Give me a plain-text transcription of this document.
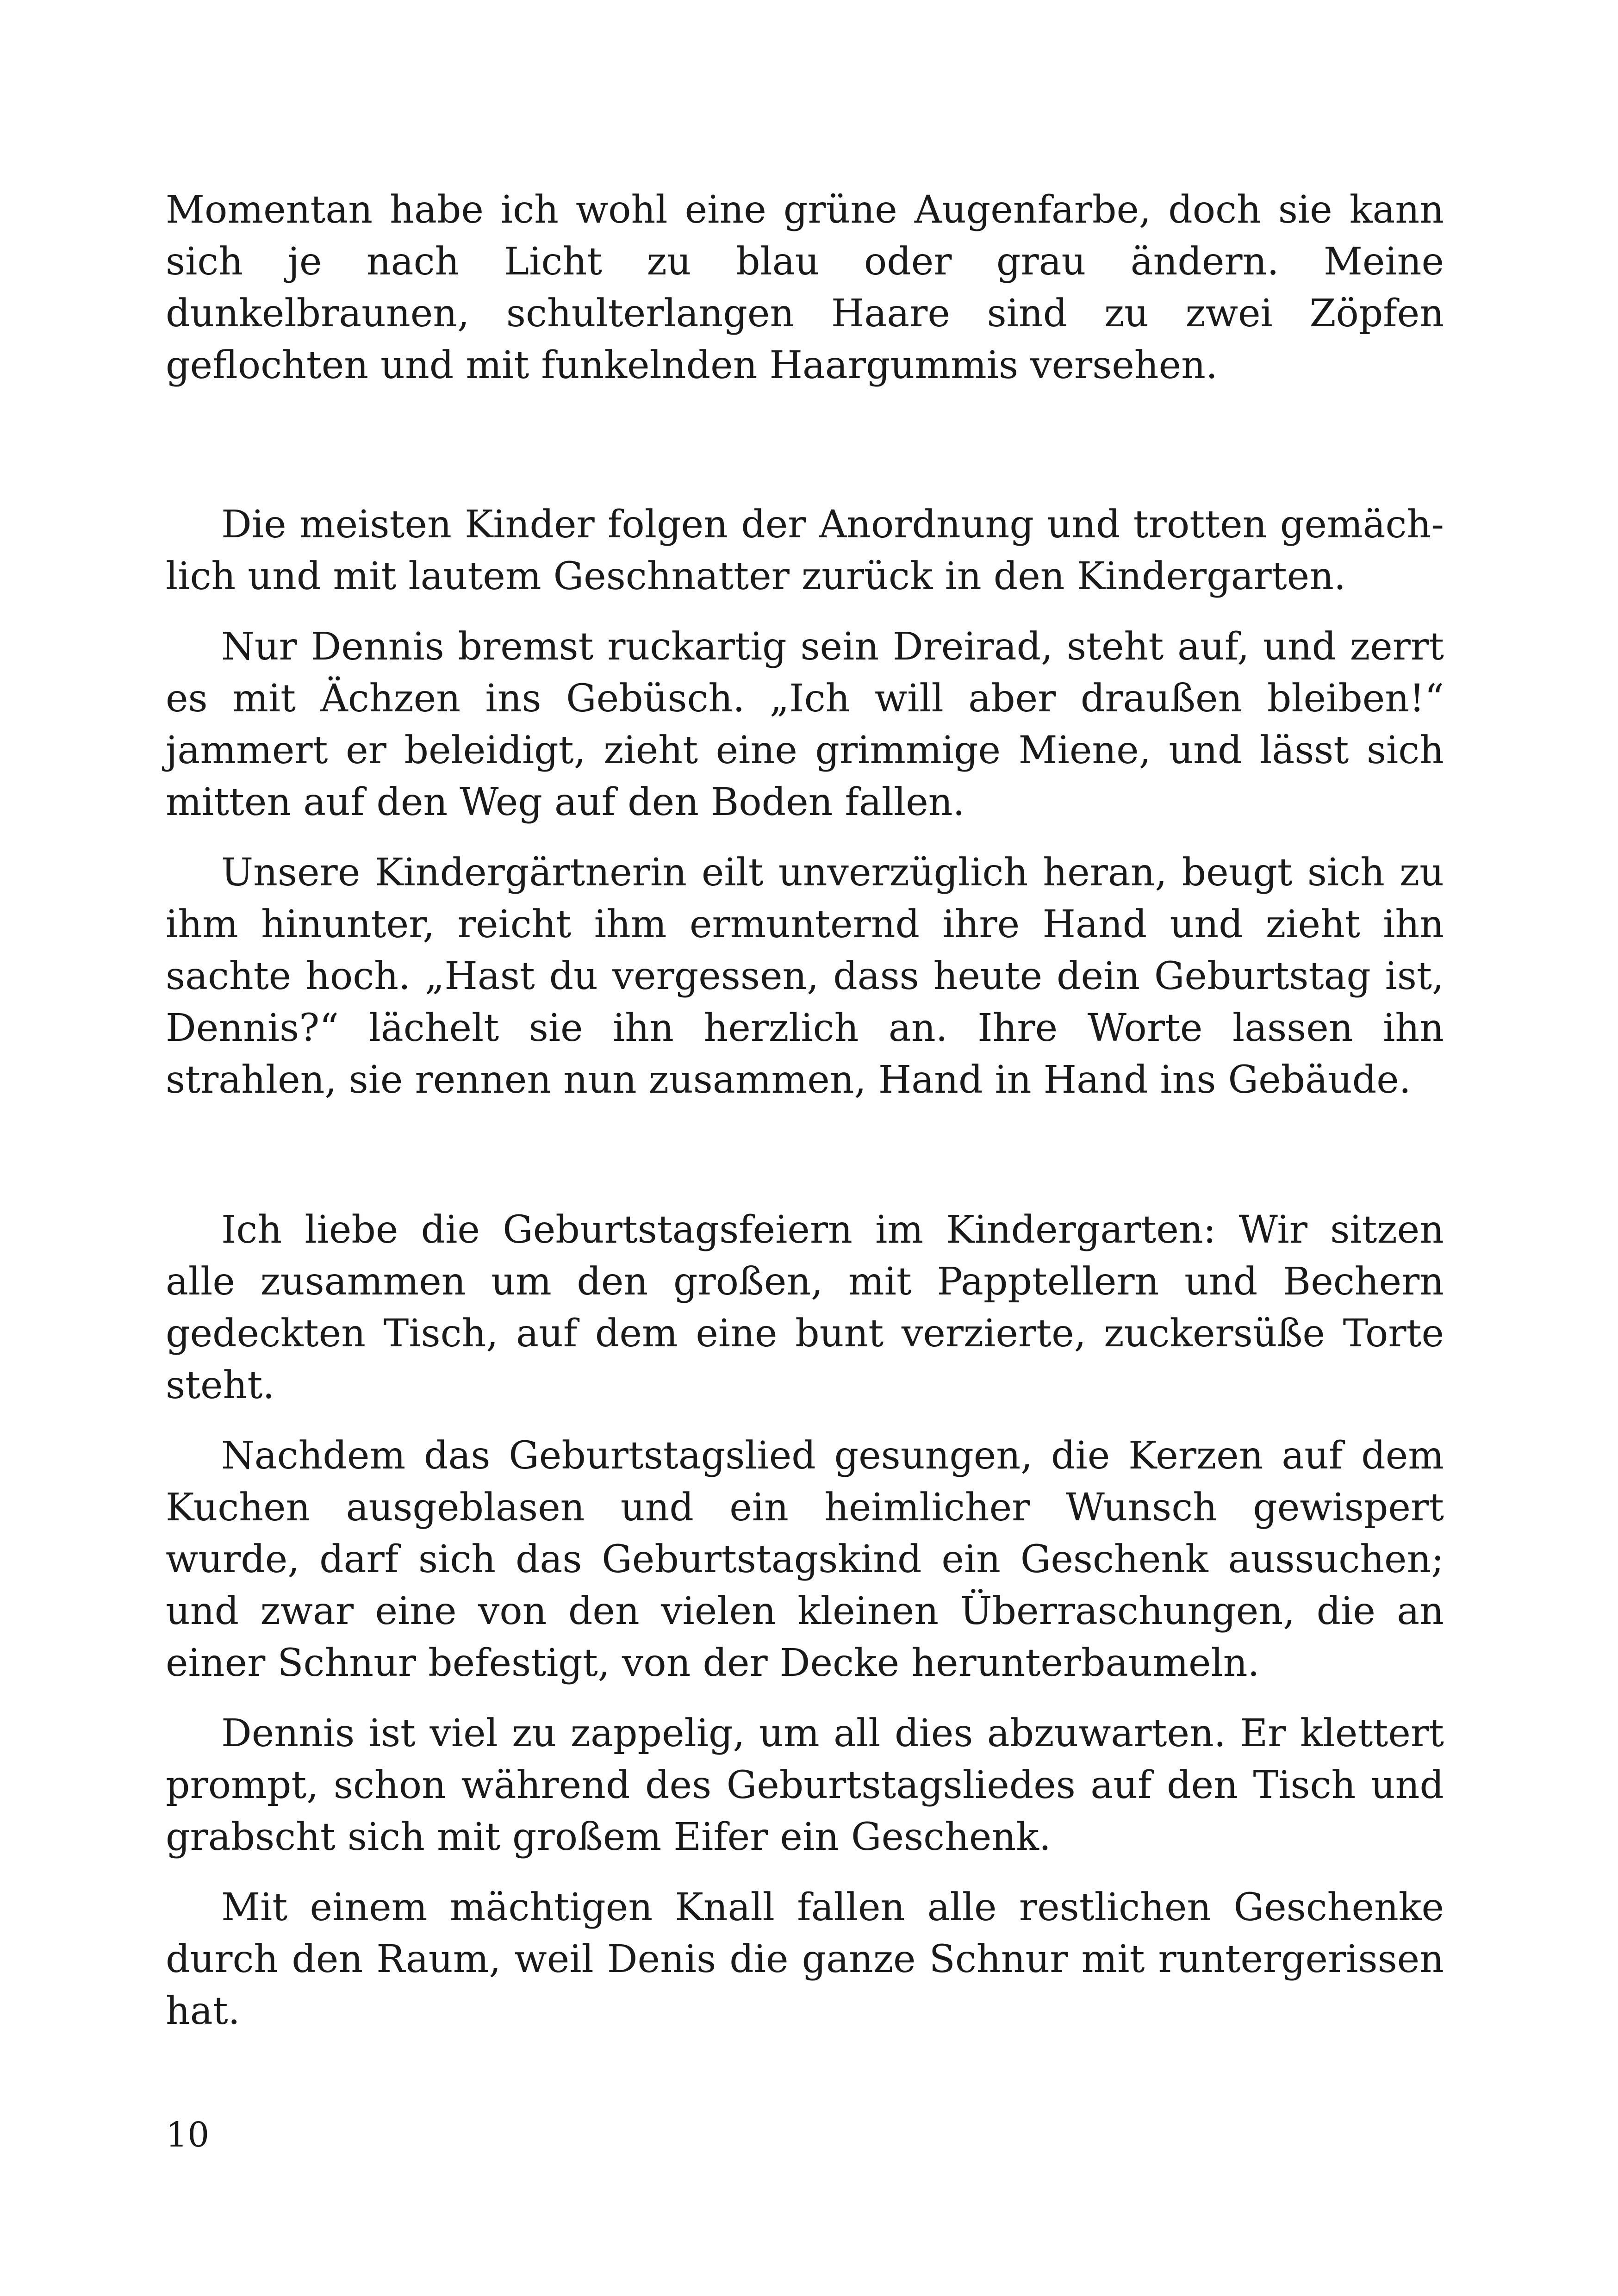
Momentan habe ich wohl eine grüne Augenfarbe, doch sie kann sich je nach Licht zu blau oder grau ändern. Meine dunkelbraunen, schulterlangen Haare sind zu zwei Zöpfen geflochten und mit funkelnden Haargummis versehen.

Die meisten Kinder folgen der Anordnung und trotten gemächlich und mit lautem Geschnatter zurück in den Kindergarten.

Nur Dennis bremst ruckartig sein Dreirad, steht auf, und zerrt es mit Ächzen ins Gebüsch. „Ich will aber draußen bleiben!“ jammert er beleidigt, zieht eine grimmige Miene, und lässt sich mitten auf den Weg auf den Boden fallen.

Unsere Kindergärtnerin eilt unverzüglich heran, beugt sich zu ihm hinunter, reicht ihm ermunternd ihre Hand und zieht ihn sachte hoch. „Hast du vergessen, dass heute dein Geburtstag ist, Dennis?“ lächelt sie ihn herzlich an. Ihre Worte lassen ihn strahlen, sie rennen nun zusammen, Hand in Hand ins Gebäude.

Ich liebe die Geburtstagsfeiern im Kindergarten: Wir sitzen alle zusammen um den großen, mit Papptellern und Bechern gedeckten Tisch, auf dem eine bunt verzierte, zuckersüße Torte steht.

Nachdem das Geburtstagslied gesungen, die Kerzen auf dem Kuchen ausgeblasen und ein heimlicher Wunsch gewispert wurde, darf sich das Geburtstagskind ein Geschenk aussuchen; und zwar eine von den vielen kleinen Überraschungen, die an einer Schnur befestigt, von der Decke herunterbaumeln.

Dennis ist viel zu zappelig, um all dies abzuwarten. Er klettert prompt, schon während des Geburtstagsliedes auf den Tisch und grabscht sich mit großem Eifer ein Geschenk.

Mit einem mächtigen Knall fallen alle restlichen Geschenke durch den Raum, weil Denis die ganze Schnur mit runtergerissen hat.

10
